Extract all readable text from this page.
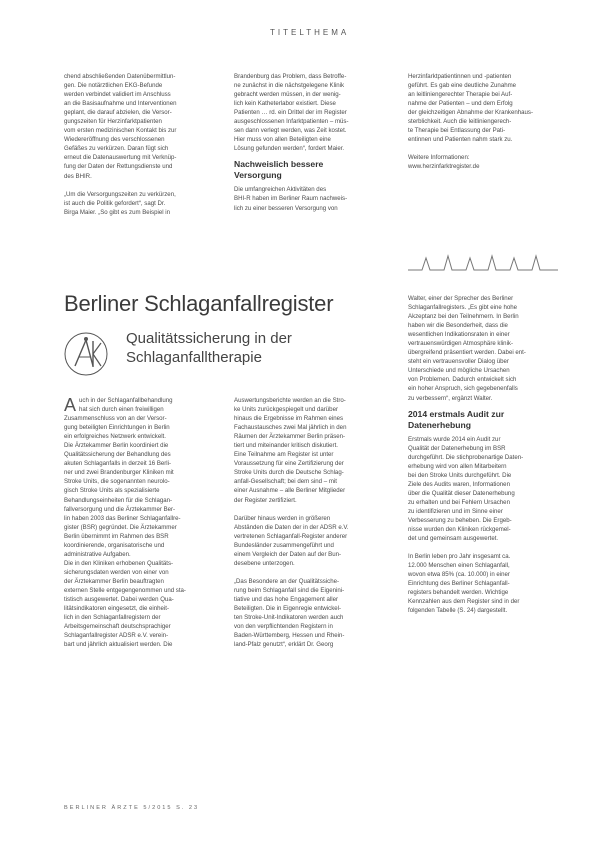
TITELTHEMA

chend abschließenden Datenübermittlun-

gen. Die notärztlichen EKG-Befunde

werden verbindet validiert im Anschluss

an die Basisaufnahme und Interventionen

geplant, die darauf abzielen, die Versor-

gungszeiten für Herzinfarktpatienten

vom ersten medizinischen Kontakt bis zur

Wiedereröffnung des verschlossenen

Gefäßes zu verkürzen. Daran fügt sich

erneut die Datenauswertung mit Verknüp-

fung der Daten der Rettungsdienste und

des BHIR.

„Um die Versorgungszeiten zu verkürzen,

ist auch die Politik gefordert“, sagt Dr.

Birga Maier. „So gibt es zum Beispiel in

Brandenburg das Problem, dass Betroffe-

ne zunächst in die nächstgelegene Klinik

gebracht werden müssen, in der wenig-

lich kein Katheterlabor existiert. Diese

Patienten … rd. ein Drittel der im Register

ausgeschlossenen Infarktpatienten – müs-

sen dann verlegt werden, was Zeit kostet.

Hier muss von allen Beteiligten eine

Lösung gefunden werden“, fordert Maier.

Nachweislich bessere Versorgung

Die umfangreichen Aktivitäten des

BHI-R haben im Berliner Raum nachweis-

lich zu einer besseren Versorgung von

Herzinfarktpatientinnen und -patienten

geführt. Es gab eine deutliche Zunahme

an leitliniengerechter Therapie bei Auf-

nahme der Patienten – und dem Erfolg

der gleichzeitigen Abnahme der Krankenhaus-

sterblichkeit. Auch die leitliniengerech-

te Therapie bei Entlassung der Pati-

entinnen und Patienten nahm stark zu.

Weitere Informationen:

www.herzinfarktregister.de

Berliner Schlaganfallregister
Qualitätssicherung in der
Schlaganfalltherapie
A uch in der Schlaganfallbehandlung

hat sich durch einen freiwilligen

Zusammenschluss von an der Versor-

gung beteiligten Einrichtungen in Berlin

ein erfolgreiches Netzwerk entwickelt.

Die Ärztekammer Berlin koordiniert die

Qualitätssicherung der Behandlung des

akuten Schlaganfalls in derzeit 16 Berli-

ner und zwei Brandenburger Kliniken mit

Stroke Units, die sogenannten neurolo-

gisch Stroke Units als spezialisierte

Behandlungseinheiten für die Schlagan-

fallversorgung und die Ärztekammer Ber-

lin haben 2003 das Berliner Schlaganfallre-

gister (BSR) gegründet. Die Ärztekammer

Berlin übernimmt im Rahmen des BSR

koordinierende, organisatorische und

administrative Aufgaben.

Die in den Kliniken erhobenen Qualitäts-

sicherungsdaten werden von einer von

der Ärztekammer Berlin beauftragten

externen Stelle entgegengenommen und sta-

tistisch ausgewertet. Dabei werden Qua-

litätsindikatoren eingesetzt, die einheit-

lich in den Schlaganfallregistern der

Arbeitsgemeinschaft deutschsprachiger

Schlaganfallregister ADSR e.V. verein-

bart und jährlich aktualisiert werden. Die

Auswertungsberichte werden an die Stro-

ke Units zurückgespiegelt und darüber

hinaus die Ergebnisse im Rahmen eines

Fachaustausches zwei Mal jährlich in den

Räumen der Ärztekammer Berlin präsen-

tiert und miteinander kritisch diskutiert.

Eine Teilnahme am Register ist unter

Voraussetzung für eine Zertifizierung der

Stroke Units durch die Deutsche Schlag-

anfall-Gesellschaft; bei dem sind – mit

einer Ausnahme – alle Berliner Mitglieder

der Register zertifiziert.

Darüber hinaus werden in größeren

Abständen die Daten der in der ADSR e.V.

vertretenen Schlaganfall-Register anderer

Bundesländer zusammengeführt und

einem Vergleich der Daten auf der Bun-

desebene unterzogen.

„Das Besondere an der Qualitätssiche-

rung beim Schlaganfall sind die Eigenini-

tiative und das hohe Engagement aller

Beteiligten. Die in Eigenregie entwickel-

ten Stroke-Unit-Indikatoren werden auch

von den verpflichtenden Registern in

Baden-Württemberg, Hessen und Rhein-

land-Pfalz genutzt“, erklärt Dr. Georg

Walter, einer der Sprecher des Berliner

Schlaganfallregisters. „Es gibt eine hohe

Akzeptanz bei den Teilnehmern. In Berlin

haben wir die Besonderheit, dass die

wesentlichen Indikationsraten in einer

vertrauenswürdigen Atmosphäre klinik-

übergreifend präsentiert werden. Dabei ent-

steht ein vertrauensvoller Dialog über

Unterschiede und mögliche Ursachen

von Problemen. Dadurch entwickelt sich

ein hoher Anspruch, sich gegebenenfalls

zu verbessern“, ergänzt Walter.

2014 erstmals Audit zur Datenerhebung

Erstmals wurde 2014 ein Audit zur

Qualität der Datenerhebung im BSR

durchgeführt. Die stichprobenartige Daten-

erhebung wird von allen Mitarbeitern

bei den Stroke Units durchgeführt. Die

Ziele des Audits waren, Informationen

über die Qualität dieser Datenerhebung

zu erhalten und bei Fehlern Ursachen

zu identifizieren und im Sinne einer

Verbesserung zu beheben. Die Ergeb-

nisse wurden den Kliniken rückgemel-

det und gemeinsam ausgewertet.

In Berlin leben pro Jahr insgesamt ca.

12.000 Menschen einen Schlaganfall,

wovon etwa 85% (ca. 10.000) in einer

Einrichtung des Berliner Schlaganfall-

registers behandelt werden. Wichtige

Kennzahlen aus dem Register sind in der

folgenden Tabelle (S. 24) dargestellt.

BERLINER ÄRZTE 5/2015 S. 23
